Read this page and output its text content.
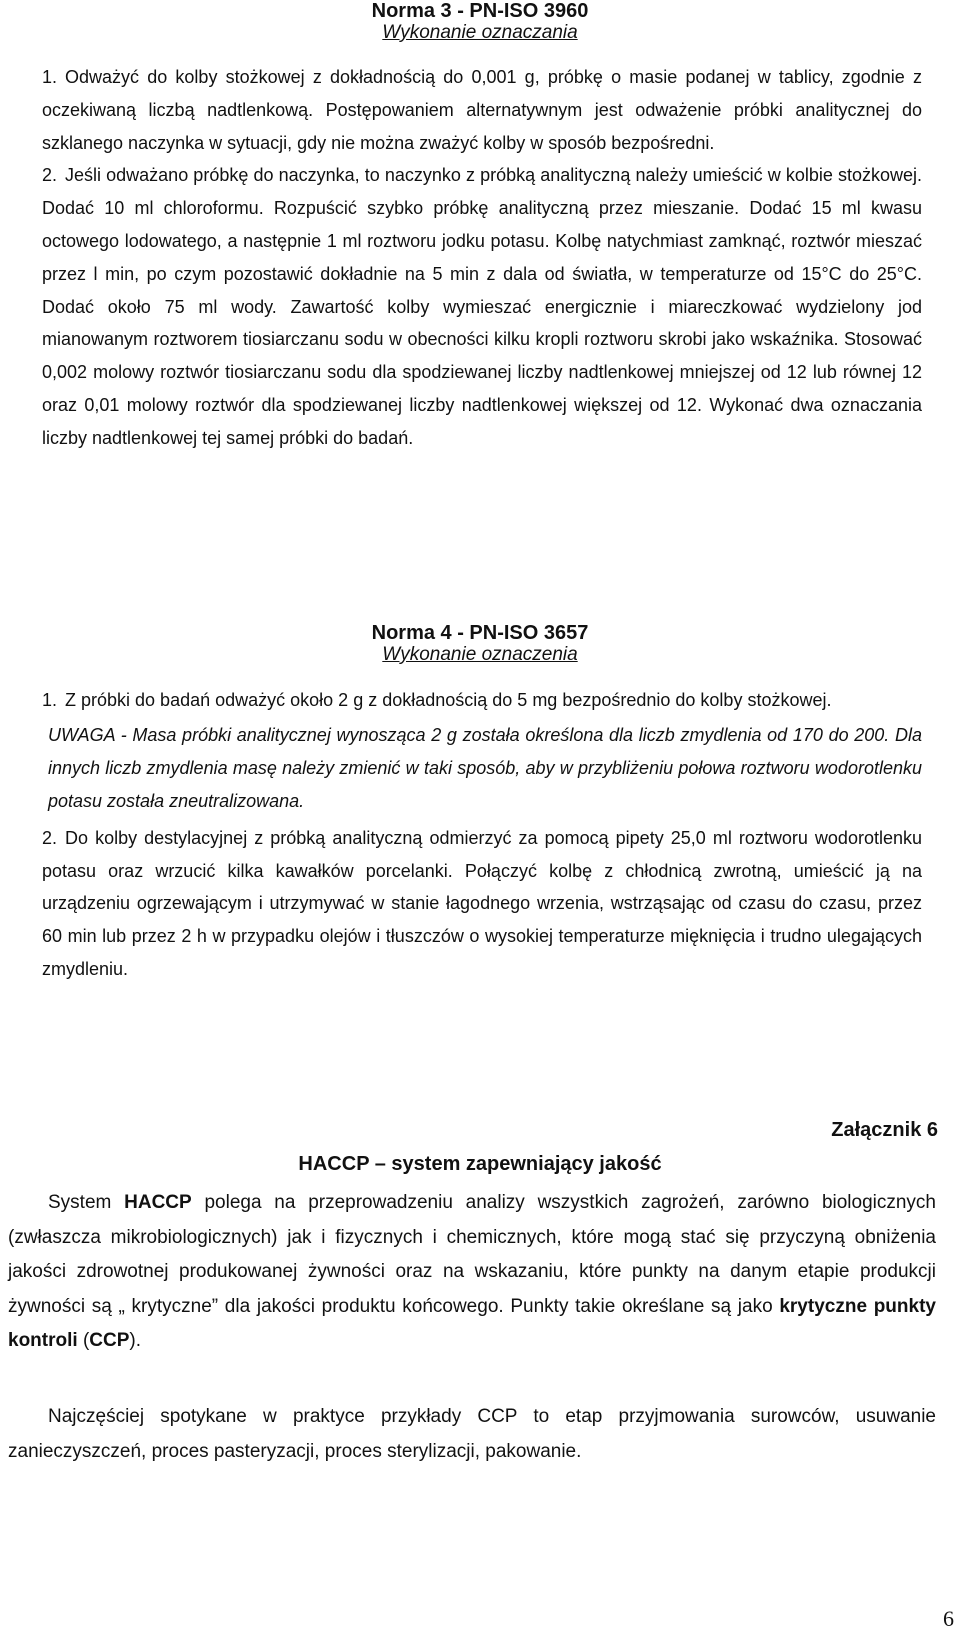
Norma 3 - PN-ISO 3960
Wykonanie oznaczania
1. Odważyć do kolby stożkowej z dokładnością do 0,001 g, próbkę o masie podanej w tablicy, zgodnie z oczekiwaną liczbą nadtlenkową. Postępowaniem alternatywnym jest odważenie próbki analitycznej do szklanego naczynka w sytuacji, gdy nie można zważyć kolby w sposób bezpośredni.
2. Jeśli odważano próbkę do naczynka, to naczynko z próbką analityczną należy umieścić w kolbie stożkowej. Dodać 10 ml chloroformu. Rozpuścić szybko próbkę analityczną przez mieszanie. Dodać 15 ml kwasu octowego lodowatego, a następnie 1 ml roztworu jodku potasu. Kolbę natychmiast zamknąć, roztwór mieszać przez l min, po czym pozostawić dokładnie na 5 min z dala od światła, w temperaturze od 15°C do 25°C. Dodać około 75 ml wody. Zawartość kolby wymieszać energicznie i miareczkować wydzielony jod mianowanym roztworem tiosiarczanu sodu w obecności kilku kropli roztworu skrobi jako wskaźnika. Stosować 0,002 molowy roztwór tiosiarczanu sodu dla spodziewanej liczby nadtlenkowej mniejszej od 12 lub równej 12 oraz 0,01 molowy roztwór dla spodziewanej liczby nadtlenkowej większej od 12. Wykonać dwa oznaczania liczby nadtlenkowej tej samej próbki do badań.
Norma 4 - PN-ISO 3657
Wykonanie oznaczenia
1. Z próbki do badań odważyć około 2 g z dokładnością do 5 mg bezpośrednio do kolby stożkowej.
UWAGA - Masa próbki analitycznej wynosząca 2 g została określona dla liczb zmydlenia od 170 do 200. Dla innych liczb zmydlenia masę należy zmienić w taki sposób, aby w przybliżeniu połowa roztworu wodorotlenku potasu została zneutralizowana.
2. Do kolby destylacyjnej z próbką analityczną odmierzyć za pomocą pipety 25,0 ml roztworu wodorotlenku potasu oraz wrzucić kilka kawałków porcelanki. Połączyć kolbę z chłodnicą zwrotną, umieścić ją na urządzeniu ogrzewającym i utrzymywać w stanie łagodnego wrzenia, wstrząsając od czasu do czasu, przez 60 min lub przez 2 h w przypadku olejów i tłuszczów o wysokiej temperaturze mięknięcia i trudno ulegających zmydleniu.
Załącznik 6
HACCP – system zapewniający jakość

System HACCP polega na przeprowadzeniu analizy wszystkich zagrożeń, zarówno biologicznych (zwłaszcza mikrobiologicznych) jak i fizycznych i chemicznych, które mogą stać się przyczyną obniżenia jakości zdrowotnej produkowanej żywności oraz na wskazaniu, które punkty na danym etapie produkcji żywności są „ krytyczne” dla jakości produktu końcowego. Punkty takie określane są jako krytyczne punkty kontroli (CCP).

Najczęściej spotykane w praktyce przykłady CCP to etap przyjmowania surowców, usuwanie zanieczyszczeń, proces pasteryzacji, proces sterylizacji, pakowanie.

6
